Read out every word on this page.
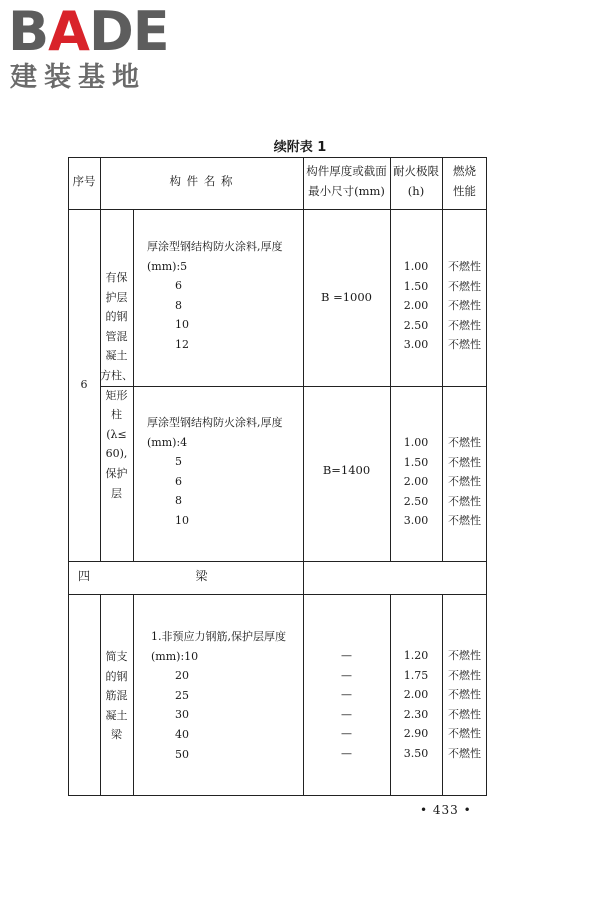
BADE
建装基地
续附表 1
序号	构 件 名 称
构件厚度或截面
最小尺寸(mm)
耐火极限
(h)
燃烧
性能
6
有保
护层
的钢
管混
凝土
方柱、
矩形
柱
(λ≤
60),
保护
层
厚涂型钢结构防火涂料,厚度
(mm):5
6
8
10
12
B =1000
1.00
1.50
2.00
2.50
3.00
不燃性
不燃性
不燃性
不燃性
不燃性
厚涂型钢结构防火涂料,厚度
(mm):4
5
6
8
10
B=1400
1.00
1.50
2.00
2.50
3.00
不燃性
不燃性
不燃性
不燃性
不燃性
四	梁
简支
的钢
筋混
凝土
梁
1.非预应力钢筋,保护层厚度
(mm):10
20
25
30
40
50
—
—
—
—
—
—
1.20
1.75
2.00
2.30
2.90
3.50
不燃性
不燃性
不燃性
不燃性
不燃性
不燃性
• 433 •
